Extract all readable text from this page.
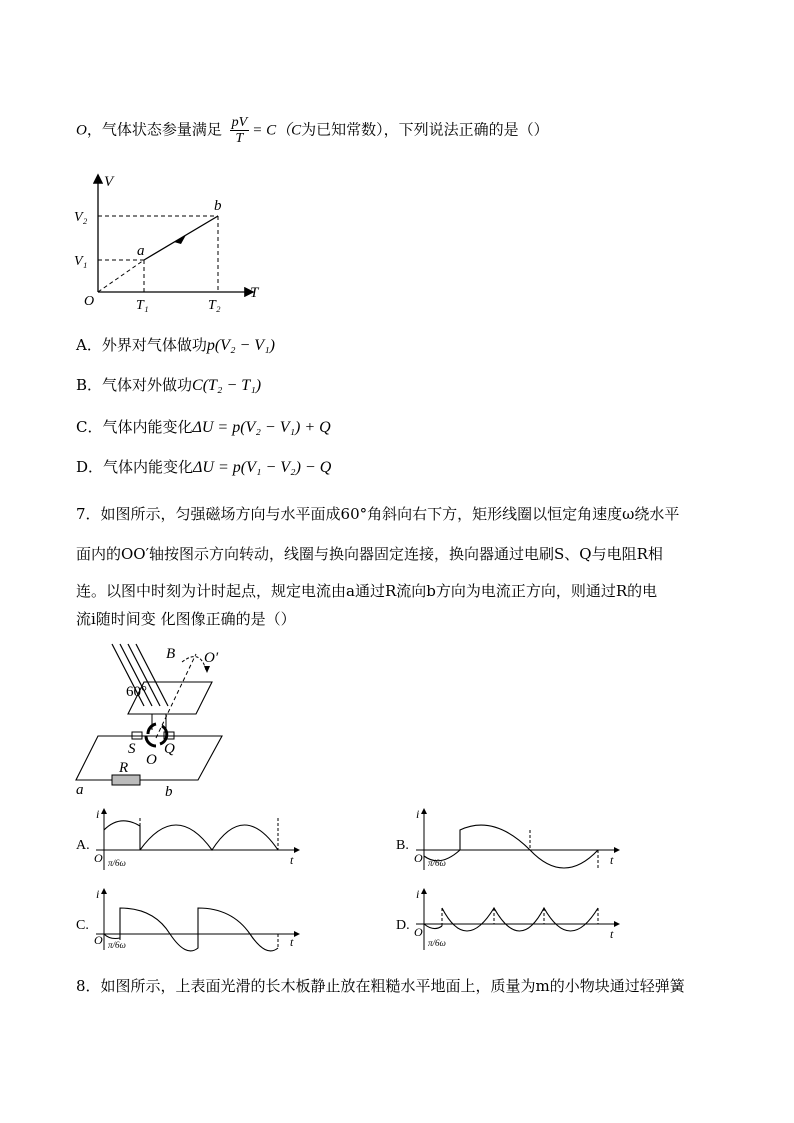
O，气体状态参量满足 $\frac{pV}{T} = C(C$为已知常数），下列说法正确的是（）
V
T
O
V₂
V₁
T₁	T₂
a
b
A．外界对气体做功p(V₂ − V₁)
B．气体对外做功C(T₂ − T₁)
C．气体内能变化ΔU = p(V₂ − V₁) + Q
D．气体内能变化ΔU = p(V₁ − V₂) − Q
7．如图所示，匀强磁场方向与水平面成60°角斜向右下方，矩形线圈以恒定角速度ω绕水平
面内的OO′轴按图示方向转动，线圈与换向器固定连接，换向器通过电刷S、Q与电阻R相
连。以图中时刻为计时起点，规定电流由a通过R流向b方向为电流正方向，则通过R的电
流i随时间变 化图像正确的是（）
B O′
60°
S
O
Q
R
a	b
A.
i
t
O π/6ω
B.
i
t
O π/6ω
C.
i
t
O π/6ω
D.
i
t
O
π/6ω
8．如图所示，上表面光滑的长木板静止放在粗糙水平地面上，质量为m的小物块通过轻弹簧
